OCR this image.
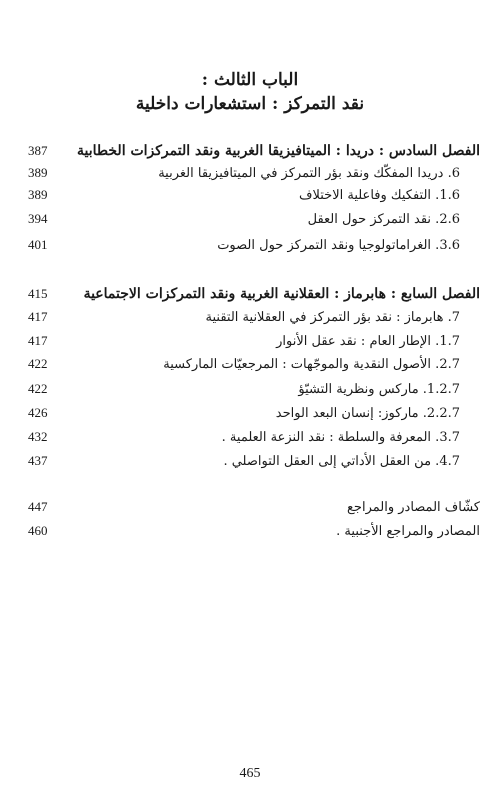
الباب الثالث :
نقد التمركز : استشعارات داخلية
الفصل السادس : دريدا : الميتافيزيقا الغربية ونقد التمركزات الخطابية
387
6. دريدا المفكّك ونقد بؤر التمركز في الميتافيزيقا الغربية
389
1.6. التفكيك وفاعلية الاختلاف
389
2.6. نقد التمركز حول العقل
394
3.6. الغراماتولوجيا ونقد التمركز حول الصوت
401
الفصل السابع : هابرماز : العقلانية الغربية ونقد التمركزات الاجتماعية
415
7. هابرماز : نقد بؤر التمركز في العقلانية التقنية
417
1.7. الإطار العام : نقد عقل الأنوار
417
2.7. الأصول النقدية والموجّهات : المرجعيّات الماركسية
422
1.2.7. ماركس ونظرية التشيّؤ
422
2.2.7. ماركوز: إنسان البعد الواحد
426
3.7. المعرفة والسلطة : نقد النزعة العلمية .
432
4.7. من العقل الأداتي إلى العقل التواصلي .
437
كشّاف المصادر والمراجع
447
المصادر والمراجع الأجنبية .
460
465
